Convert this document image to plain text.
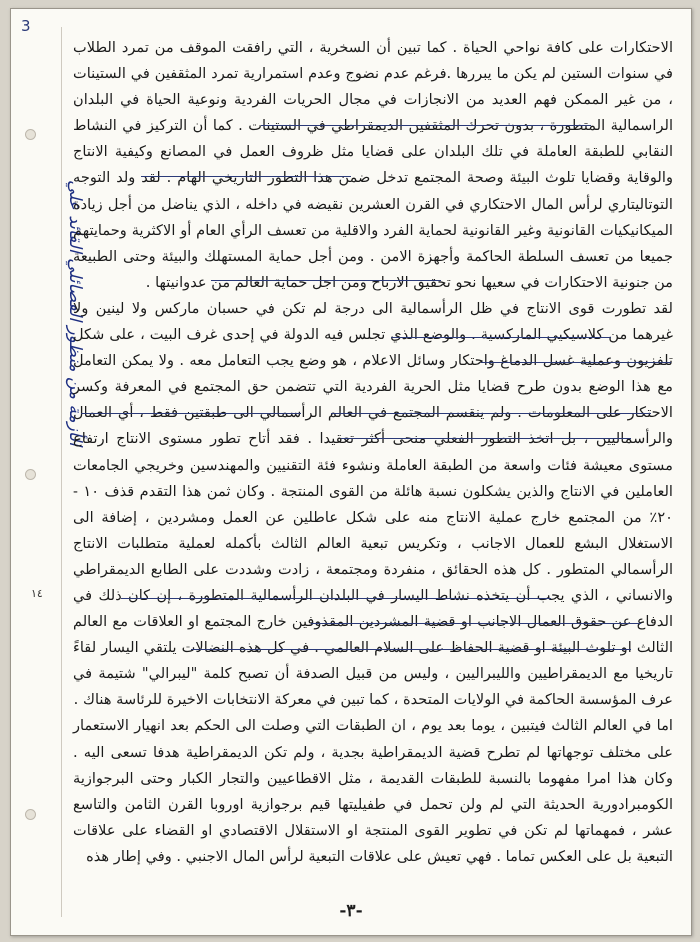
3
الأزمة من منظور الفصائلي القائد علي
١٤

الاحتكارات على كافة نواحي الحياة . كما تبين أن السخرية ، التي رافقت الموقف من تمرد الطلاب في سنوات الستين لم يكن ما يبررها .فرغم عدم نضوج وعدم استمرارية تمرد المثقفين في الستينات ، من غير الممكن فهم العديد من الانجازات في مجال الحريات الفردية ونوعية الحياة في البلدان الراسمالية المتطورة ، بدون تحرك المثقفين الديمقراطي في الستينات . كما أن التركيز في النشاط النقابي للطبقة العاملة في تلك البلدان على قضايا مثل ظروف العمل في المصانع وكيفية الانتاج والوقاية وقضايا تلوث البيئة وصحة المجتمع تدخل ضمن هذا التطور التاريخي الهام . لقد ولد التوجه التوتاليتاري لرأس المال الاحتكاري في القرن العشرين نقيضه في داخله ، الذي يناضل من أجل زيادة الميكانيكيات القانونية وغير القانونية لحماية الفرد والاقلية من تعسف الرأي العام أو الاكثرية وحمايتهم جميعا من تعسف السلطة الحاكمة وأجهزة الامن . ومن أجل حماية المستهلك والبيئة وحتى الطبيعة من جنونية الاحتكارات في سعيها نحو تحقيق الارباح ومن اجل حماية العالم من عدوانيتها .

لقد تطورت قوى الانتاج في ظل الرأسمالية الى درجة لم تكن في حسبان ماركس ولا لينين ولا غيرهما من كلاسيكيي الماركسية . والوضع الذي تجلس فيه الدولة في إحدى غرف البيت ، على شكل تلفزيون وعملية غسل الدماغ واحتكار وسائل الاعلام ، هو وضع يجب التعامل معه . ولا يمكن التعامل مع هذا الوضع بدون طرح قضايا مثل الحرية الفردية التي تتضمن حق المجتمع في المعرفة وكسر الاحتكار على المعلومات . ولم ينقسم المجتمع في العالم الرأسمالي الى طبقتين فقط ، أي العمال والرأسماليين ، بل اتخذ التطور الفعلي منحى أكثر تعقيدا . فقد أتاح تطور مستوى الانتاج ارتفاع مستوى معيشة فئات واسعة من الطبقة العاملة ونشوء فئة التقنيين والمهندسين وخريجي الجامعات العاملين في الانتاج والذين يشكلون نسبة هائلة من القوى المنتجة . وكان ثمن هذا التقدم قذف ١٠ - ٢٠٪ من المجتمع خارج عملية الانتاج منه على شكل عاطلين عن العمل ومشردين ، إضافة الى الاستغلال البشع للعمال الاجانب ، وتكريس تبعية العالم الثالث بأكمله لعملية متطلبات الانتاج الرأسمالي المتطور . كل هذه الحقائق ، منفردة ومجتمعة ، زادت وشددت على الطابع الديمقراطي والانساني ، الذي يجب أن يتخذه نشاط اليسار في البلدان الرأسمالية المتطورة ، إن كان ذلك في الدفاع عن حقوق العمال الاجانب او قضية المشردين المقذوفين خارج المجتمع او العلاقات مع العالم الثالث او تلوث البيئة او قضية الحفاظ على السلام العالمي . في كل هذه النضالات يلتقي اليسار لقاءً تاريخيا مع الديمقراطيين والليبراليين ، وليس من قبيل الصدفة أن تصبح كلمة "ليبرالي" شتيمة في عرف المؤسسة الحاكمة في الولايات المتحدة ، كما تبين في معركة الانتخابات الاخيرة للرئاسة هناك .

اما في العالم الثالث فيتبين ، يوما بعد يوم ، ان الطبقات التي وصلت الى الحكم بعد انهيار الاستعمار على مختلف توجهاتها لم تطرح قضية الديمقراطية بجدية ، ولم تكن الديمقراطية هدفا تسعى اليه . وكان هذا امرا مفهوما بالنسبة للطبقات القديمة ، مثل الاقطاعيين والتجار الكبار وحتى البرجوازية الكومبرادورية الحديثة التي لم ولن تحمل في طفيليتها قيم برجوازية اوروبا القرن الثامن والتاسع عشر ، فمهماتها لم تكن في تطوير القوى المنتجة او الاستقلال الاقتصادي او القضاء على علاقات التبعية بل على العكس تماما . فهي تعيش على علاقات التبعية لرأس المال الاجنبي . وفي إطار هذه

-٣-
